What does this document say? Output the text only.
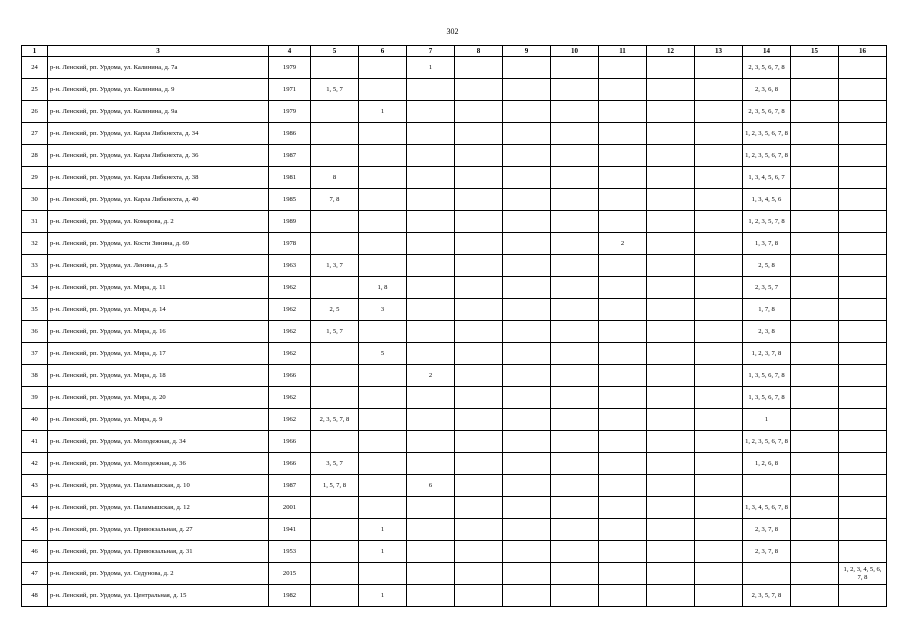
302
1	3	4	5	6	7	8	9	10	11	12	13	14	15	16
24	р-н. Ленский, рп. Урдома, ул. Калинина, д. 7а	1979			1							2, 3, 5, 6, 7, 8		
25	р-н. Ленский, рп. Урдома, ул. Калинина, д. 9	1971	1, 5, 7									2, 3, 6, 8		
26	р-н. Ленский, рп. Урдома, ул. Калинина, д. 9а	1979		1								2, 3, 5, 6, 7, 8		
27	р-н. Ленский, рп. Урдома, ул. Карла Либкнехта, д. 34	1986										1, 2, 3, 5, 6, 7, 8		
28	р-н. Ленский, рп. Урдома, ул. Карла Либкнехта, д. 36	1987										1, 2, 3, 5, 6, 7, 8		
29	р-н. Ленский, рп. Урдома, ул. Карла Либкнехта, д. 38	1981	8									1, 3, 4, 5, 6, 7		
30	р-н. Ленский, рп. Урдома, ул. Карла Либкнехта, д. 40	1985	7, 8									1, 3, 4, 5, 6		
31	р-н. Ленский, рп. Урдома, ул. Комарова, д. 2	1989										1, 2, 3, 5, 7, 8		
32	р-н. Ленский, рп. Урдома, ул. Кости Зинина, д. 69	1978							2			1, 3, 7, 8		
33	р-н. Ленский, рп. Урдома, ул. Ленина, д. 5	1963	1, 3, 7									2, 5, 8		
34	р-н. Ленский, рп. Урдома, ул. Мира, д. 11	1962		1, 8								2, 3, 5, 7		
35	р-н. Ленский, рп. Урдома, ул. Мира, д. 14	1962	2, 5	3								1, 7, 8		
36	р-н. Ленский, рп. Урдома, ул. Мира, д. 16	1962	1, 5, 7									2, 3, 8		
37	р-н. Ленский, рп. Урдома, ул. Мира, д. 17	1962		5								1, 2, 3, 7, 8		
38	р-н. Ленский, рп. Урдома, ул. Мира, д. 18	1966			2							1, 3, 5, 6, 7, 8		
39	р-н. Ленский, рп. Урдома, ул. Мира, д. 20	1962										1, 3, 5, 6, 7, 8		
40	р-н. Ленский, рп. Урдома, ул. Мира, д. 9	1962	2, 3, 5, 7, 8									1		
41	р-н. Ленский, рп. Урдома, ул. Молодежная, д. 34	1966										1, 2, 3, 5, 6, 7, 8		
42	р-н. Ленский, рп. Урдома, ул. Молодежная, д. 36	1966	3, 5, 7									1, 2, 6, 8		
43	р-н. Ленский, рп. Урдома, ул. Паламышская, д. 10	1987	1, 5, 7, 8		6									
44	р-н. Ленский, рп. Урдома, ул. Паламышская, д. 12	2001										1, 3, 4, 5, 6, 7, 8		
45	р-н. Ленский, рп. Урдома, ул. Привокзальная, д. 27	1941		1								2, 3, 7, 8		
46	р-н. Ленский, рп. Урдома, ул. Привокзальная, д. 31	1953		1								2, 3, 7, 8		
47	р-н. Ленский, рп. Урдома, ул. Седунова, д. 2	2015												1, 2, 3, 4, 5, 6, 7, 8
48	р-н. Ленский, рп. Урдома, ул. Центральная, д. 15	1982		1								2, 3, 5, 7, 8		
